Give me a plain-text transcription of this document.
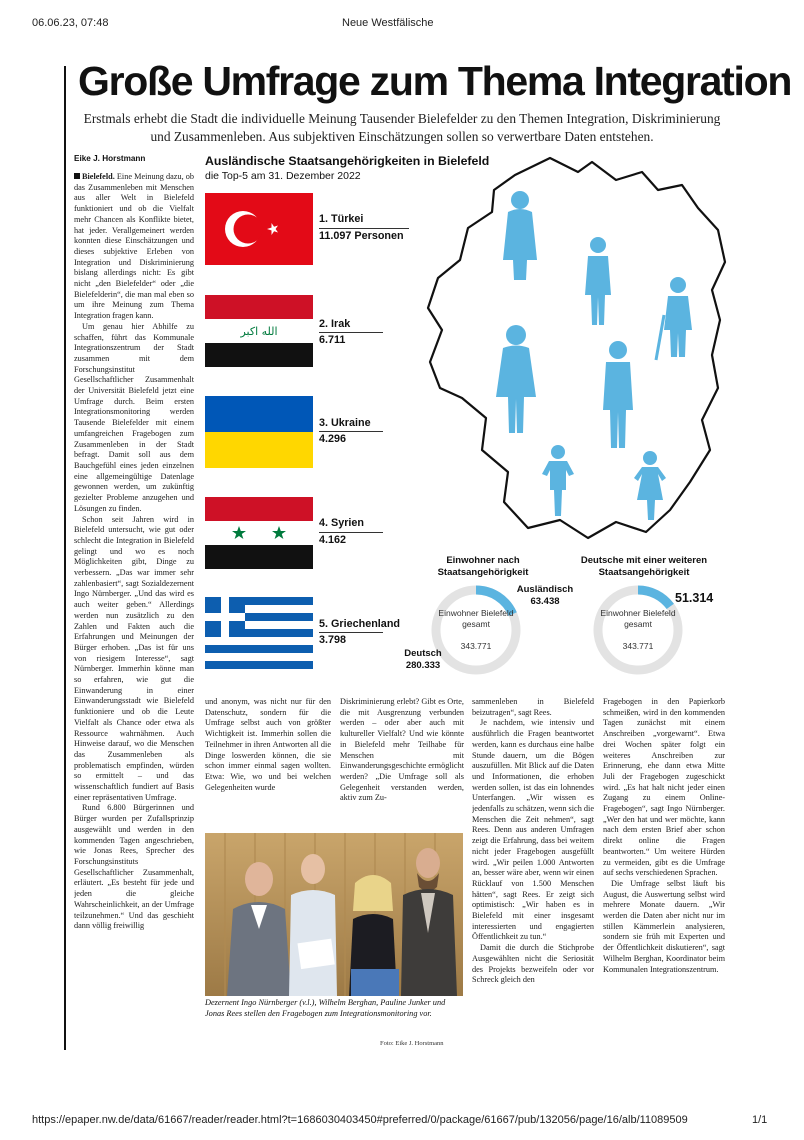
06.06.23, 07:48	Neue Westfälische
https://epaper.nw.de/data/61667/reader/reader.html?t=1686030403450#preferred/0/package/61667/pub/132056/page/16/alb/11089509	1/1
Große Umfrage zum Thema Integration
Erstmals erhebt die Stadt die individuelle Meinung Tausender Bielefelder zu den Themen Integration, Diskriminierung und Zusammenleben. Aus subjektiven Einschätzungen sollen so verwertbare Daten entstehen.
Eike J. Horstmann

Bielefeld. Eine Meinung dazu, ob das Zusammenleben mit Menschen aus aller Welt in Bielefeld funktioniert und ob die Vielfalt mehr Chancen als Konflikte bietet, hat jeder. Verallgemeinert werden konnten diese Einschätzungen und dieses subjektive Erleben von Integration und Diskriminierung bislang allerdings nicht: Es gibt nicht „den Bielefelder“ oder „die Bielefelderin“, die man mal eben so um ihre Meinung zum Thema Integration fragen kann.

Um genau hier Abhilfe zu schaffen, führt das Kommunale Integrationszentrum der Stadt zusammen mit dem Forschungsinstitut Gesellschaftlicher Zusammenhalt der Universität Bielefeld jetzt eine Umfrage durch. Beim ersten Integrationsmonitoring werden Tausende Bielefelder mit einem umfangreichen Fragebogen zum Zusammenleben in der Stadt befragt. Damit soll aus dem Bauchgefühl eines jeden einzelnen eine allgemeingültige Datenlage gewonnen werden, um zukünftig gezielter Probleme anzugehen und Lösungen zu finden.

Schon seit Jahren wird in Bielefeld untersucht, wie gut oder schlecht die Integration in Bielefeld gelingt und wo es noch Möglichkeiten gibt, Dinge zu verbessern. „Das war immer sehr zahlenbasiert“, sagt Sozialdezernent Ingo Nürnberger. „Und das wird es auch weiter geben.“ Allerdings werden nun zusätzlich zu den Zahlen und Fakten auch die Erfahrungen und Meinungen der Bürger erhoben. „Das ist für uns von riesigem Interesse“, sagt Nürnberger. Immerhin könne man so erfahren, wie gut die Einwanderung in einer Einwanderungsstadt wie Bielefeld funktioniere und ob die Leute Vielfalt als Chance oder etwa als Ressource wahrnähmen. Auch Hinweise darauf, wo die Menschen das Zusammenleben als problematisch empfinden, würden so ermittelt – und das wissenschaftlich fundiert auf Basis einer repräsentativen Umfrage.

Rund 6.800 Bürgerinnen und Bürger wurden per Zufallsprinzip ausgewählt und werden in den kommenden Tagen angeschrieben, wie Jonas Rees, Sprecher des Forschungsinstituts Gesellschaftlicher Zusammenhalt, erläutert. „Es besteht für jede und jeden die gleiche Wahrscheinlichkeit, an der Umfrage teilzunehmen.“ Und das geschieht dann völlig freiwillig

Ausländische Staatsangehörigkeiten in Bielefeld
die Top-5 am 31. Dezember 2022
1. Türkei
11.097 Personen
الله اكبر
2. Irak
6.711
3. Ukraine
4.296
4. Syrien
4.162
5. Griechenland
3.798
Einwohner nach Staatsangehörigkeit
Einwohner Bielefeld gesamt
343.771
Ausländisch
63.438
Deutsch
280.333
Deutsche mit einer weiteren Staatsangehörigkeit
51.314
Einwohner Bielefeld gesamt
343.771

und anonym, was nicht nur für den Datenschutz, sondern für die Umfrage selbst auch von größter Wichtigkeit ist. Immerhin sollen die Teilnehmer in ihren Antworten all die Dinge loswerden können, die sie schon immer einmal sagen wollten. Etwa: Wie, wo und bei welchen Gelegenheiten wurde

Diskriminierung erlebt? Gibt es Orte, die mit Ausgrenzung verbunden werden – oder aber auch mit kultureller Vielfalt? Und wie könnte in Bielefeld mehr Teilhabe für Menschen mit Einwanderungsgeschichte ermöglicht werden? „Die Umfrage soll als Gelegenheit verstanden werden, aktiv zum Zu-

sammenleben in Bielefeld beizutragen“, sagt Rees.

Je nachdem, wie intensiv und ausführlich die Fragen beantwortet werden, kann es durchaus eine halbe Stunde dauern, um die Bögen auszufüllen. Mit Blick auf die Daten und Informationen, die erhoben werden sollen, ist das ein lohnendes Unterfangen. „Wir wissen es jedenfalls zu schätzen, wenn sich die Menschen die Zeit nehmen“, sagt Rees. Denn aus anderen Umfragen zeigt die Erfahrung, dass bei weitem nicht jeder Fragebogen ausgefüllt wird. „Wir peilen 1.000 Antworten an, besser wäre aber, wenn wir einen Rücklauf von 1.500 Menschen hätten“, sagt Rees. Er zeigt sich optimistisch: „Wir haben es in Bielefeld mit einer insgesamt interessierten und engagierten Öffentlichkeit zu tun.“

Damit die durch die Stichprobe Ausgewählten nicht die Seriosität des Projekts bezweifeln oder vor Schreck gleich den

Fragebogen in den Papierkorb schmeißen, wird in den kommenden Tagen zunächst mit einem Anschreiben „vorgewarnt“. Etwa drei Wochen später folgt ein weiteres Anschreiben zur Erinnerung, ehe dann etwa Mitte Juli der Fragebogen zugeschickt wird. „Es hat halt nicht jeder einen Zugang zu einem Online-Fragebogen“, sagt Ingo Nürnberger. „Wer den hat und wer möchte, kann nach dem ersten Brief aber schon direkt online die Fragen beantworten.“ Um weitere Hürden zu vermeiden, gibt es die Umfrage auf sechs verschiedenen Sprachen.

Die Umfrage selbst läuft bis August, die Auswertung selbst wird mehrere Monate dauern. „Wir werden die Daten aber nicht nur im stillen Kämmerlein analysieren, sondern sie früh mit Experten und der Öffentlichkeit diskutieren“, sagt Wilhelm Berghan, Koordinator beim Kommunalen Integrationszentrum.

Dezernent Ingo Nürnberger (v.l.), Wilhelm Berghan, Pauline Junker und Jonas Rees stellen den Fragebogen zum Integrationsmonitoring vor.
Foto: Eike J. Horstmann
